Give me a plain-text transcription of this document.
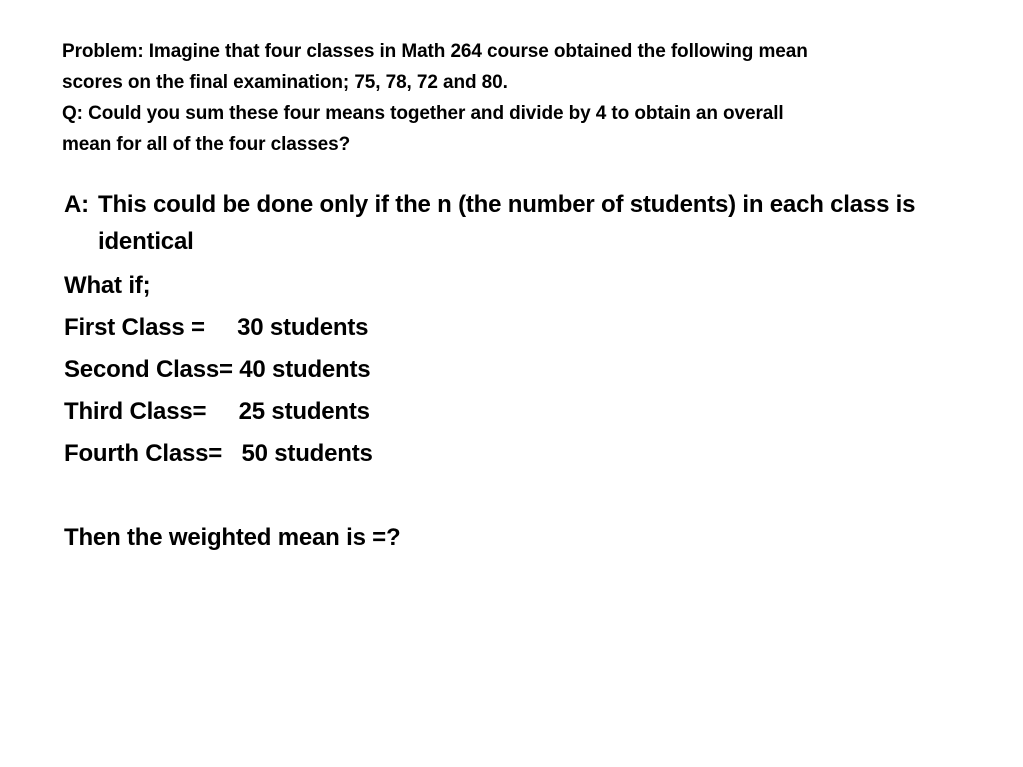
Problem: Imagine that four classes in Math 264 course obtained the following mean
scores on the final examination; 75, 78, 72 and 80.
Q: Could you sum these four means together and divide by 4 to obtain an overall
mean for all of the four classes?
A: This could be done only if the n (the number of students) in each class is identical
What if;
First Class =     30 students
Second Class= 40 students
Third Class=     25 students
Fourth Class=   50 students
Then the weighted mean is =?
